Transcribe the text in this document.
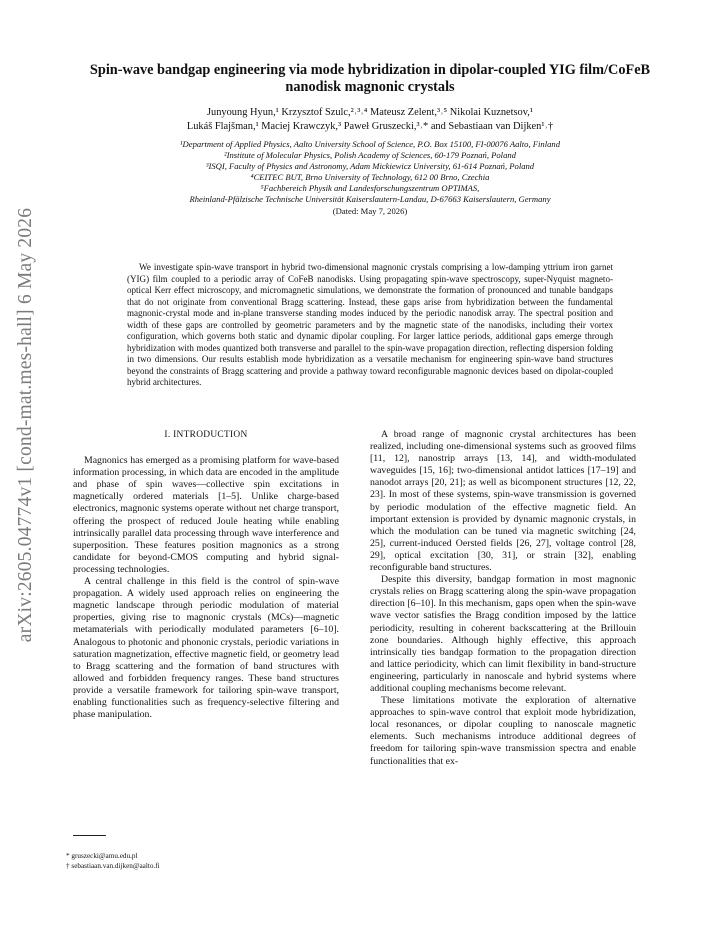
arXiv:2605.04774v1 [cond-mat.mes-hall] 6 May 2026
Spin-wave bandgap engineering via mode hybridization in dipolar-coupled YIG film/CoFeB nanodisk magnonic crystals
Junyoung Hyun,¹ Krzysztof Szulc,²˒³˒⁴ Mateusz Zelent,³˒⁵ Nikolai Kuznetsov,¹
Lukáš Flajšman,¹ Maciej Krawczyk,³ Paweł Gruszecki,³˒* and Sebastiaan van Dijken¹˒†
¹Department of Applied Physics, Aalto University School of Science, P.O. Box 15100, FI-00076 Aalto, Finland
²Institute of Molecular Physics, Polish Academy of Sciences, 60-179 Poznań, Poland
³ISQI, Faculty of Physics and Astronomy, Adam Mickiewicz University, 61-614 Poznań, Poland
⁴CEITEC BUT, Brno University of Technology, 612 00 Brno, Czechia
⁵Fachbereich Physik and Landesforschungszentrum OPTIMAS,
Rheinland-Pfälzische Technische Universität Kaiserslautern-Landau, D-67663 Kaiserslautern, Germany
(Dated: May 7, 2026)
We investigate spin-wave transport in hybrid two-dimensional magnonic crystals comprising a low-damping yttrium iron garnet (YIG) film coupled to a periodic array of CoFeB nanodisks. Using propagating spin-wave spectroscopy, super-Nyquist magneto-optical Kerr effect microscopy, and micromagnetic simulations, we demonstrate the formation of pronounced and tunable bandgaps that do not originate from conventional Bragg scattering. Instead, these gaps arise from hybridization between the fundamental magnonic-crystal mode and in-plane transverse standing modes induced by the periodic nanodisk array. The spectral position and width of these gaps are controlled by geometric parameters and by the magnetic state of the nanodisks, including their vortex configuration, which governs both static and dynamic dipolar coupling. For larger lattice periods, additional gaps emerge through hybridization with modes quantized both transverse and parallel to the spin-wave propagation direction, reflecting dispersion folding in two dimensions. Our results establish mode hybridization as a versatile mechanism for engineering spin-wave band structures beyond the constraints of Bragg scattering and provide a pathway toward reconfigurable magnonic devices based on dipolar-coupled hybrid architectures.
I. INTRODUCTION

Magnonics has emerged as a promising platform for wave-based information processing, in which data are encoded in the amplitude and phase of spin waves—collective spin excitations in magnetically ordered materials [1–5]. Unlike charge-based electronics, magnonic systems operate without net charge transport, offering the prospect of reduced Joule heating while enabling intrinsically parallel data processing through wave interference and superposition. These features position magnonics as a strong candidate for beyond-CMOS computing and hybrid signal-processing technologies.

A central challenge in this field is the control of spin-wave propagation. A widely used approach relies on engineering the magnetic landscape through periodic modulation of material properties, giving rise to magnonic crystals (MCs)—magnetic metamaterials with periodically modulated parameters [6–10]. Analogous to photonic and phononic crystals, periodic variations in saturation magnetization, effective magnetic field, or geometry lead to Bragg scattering and the formation of band structures with allowed and forbidden frequency ranges. These band structures provide a versatile framework for tailoring spin-wave transport, enabling functionalities such as frequency-selective filtering and phase manipulation.

A broad range of magnonic crystal architectures has been realized, including one-dimensional systems such as grooved films [11, 12], nanostrip arrays [13, 14], and width-modulated waveguides [15, 16]; two-dimensional antidot lattices [17–19] and nanodot arrays [20, 21]; as well as bicomponent structures [12, 22, 23]. In most of these systems, spin-wave transmission is governed by periodic modulation of the effective magnetic field. An important extension is provided by dynamic magnonic crystals, in which the modulation can be tuned via magnetic switching [24, 25], current-induced Oersted fields [26, 27], voltage control [28, 29], optical excitation [30, 31], or strain [32], enabling reconfigurable band structures.

Despite this diversity, bandgap formation in most magnonic crystals relies on Bragg scattering along the spin-wave propagation direction [6–10]. In this mechanism, gaps open when the spin-wave wave vector satisfies the Bragg condition imposed by the lattice periodicity, resulting in coherent backscattering at the Brillouin zone boundaries. Although highly effective, this approach intrinsically ties bandgap formation to the propagation direction and lattice periodicity, which can limit flexibility in band-structure engineering, particularly in nanoscale and hybrid systems where additional coupling mechanisms become relevant.

These limitations motivate the exploration of alternative approaches to spin-wave control that exploit mode hybridization, local resonances, or dipolar coupling to nanoscale magnetic elements. Such mechanisms introduce additional degrees of freedom for tailoring spin-wave transmission spectra and enable functionalities that ex-

* gruszecki@amu.edu.pl
† sebastiaan.van.dijken@aalto.fi
